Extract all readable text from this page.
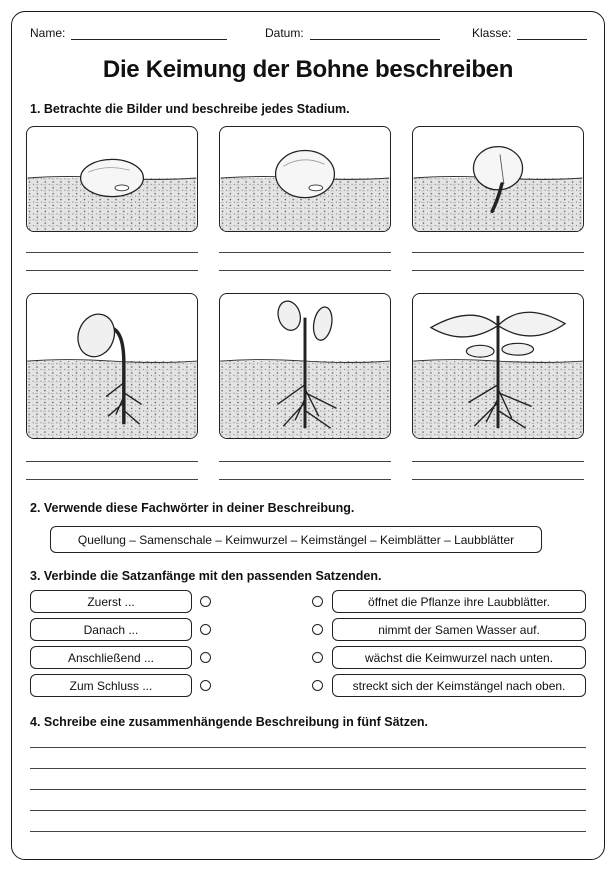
Name:	Datum:	Klasse:
Die Keimung der Bohne beschreiben
1. Betrachte die Bilder und beschreibe jedes Stadium.
2. Verwende diese Fachwörter in deiner Beschreibung.
Quellung – Samenschale – Keimwurzel – Keimstängel – Keimblätter – Laubblätter
3. Verbinde die Satzanfänge mit den passenden Satzenden.
Zuerst ...
Danach ...
Anschließend ...
Zum Schluss ...
öffnet die Pflanze ihre Laubblätter.
nimmt der Samen Wasser auf.
wächst die Keimwurzel nach unten.
streckt sich der Keimstängel nach oben.
4. Schreibe eine zusammenhängende Beschreibung in fünf Sätzen.
